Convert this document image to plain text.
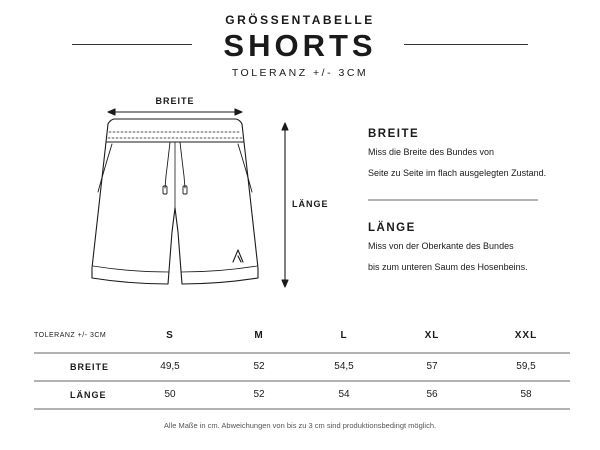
GRÖSSENTABELLE
SHORTS
TOLERANZ +/- 3CM
BREITE
LÄNGE
BREITE
Miss die Breite des Bundes von
Seite zu Seite im flach ausgelegten Zustand.
LÄNGE
Miss von der Oberkante des Bundes
bis zum unteren Saum des Hosenbeins.
TOLERANZ +/- 3CM	S	M	L	XL	XXL
BREITE	49,5	52	54,5	57	59,5
LÄNGE	50	52	54	56	58
Alle Maße in cm. Abweichungen von bis zu 3 cm sind produktionsbedingt möglich.
